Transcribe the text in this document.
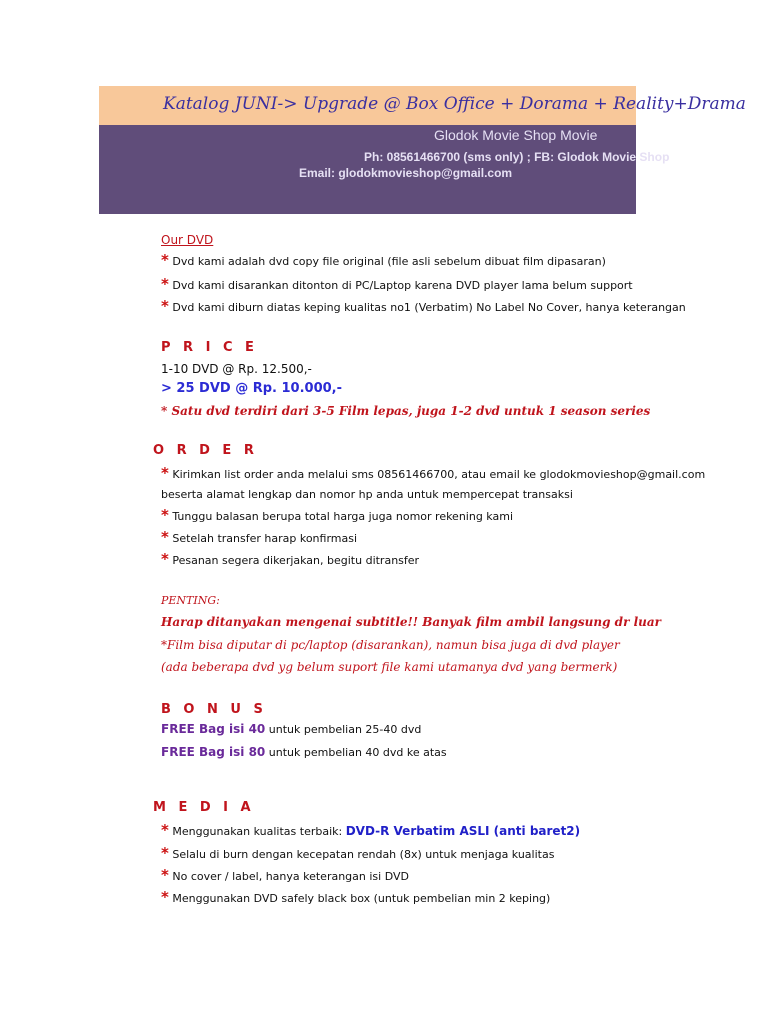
Katalog JUNI-> Upgrade @ Box Office + Dorama + Reality+Drama
Glodok Movie Shop Movie
Ph: 08561466700 (sms only) ; FB: Glodok Movie Shop
Email: glodokmovieshop@gmail.com
Our DVD
* Dvd kami adalah dvd copy file original (file asli sebelum dibuat film dipasaran)
* Dvd kami disarankan ditonton di PC/Laptop karena DVD player lama belum support
* Dvd kami diburn diatas keping kualitas no1 (Verbatim) No Label No Cover, hanya keterangan
P R I C E
1-10 DVD @ Rp. 12.500,-
> 25 DVD @ Rp. 10.000,-
* Satu dvd terdiri dari 3-5 Film lepas, juga 1-2 dvd untuk 1 season series
O R D E R
* Kirimkan list order anda melalui sms 08561466700, atau email ke glodokmovieshop@gmail.com
beserta alamat lengkap dan nomor hp anda untuk mempercepat transaksi
* Tunggu balasan berupa total harga juga nomor rekening kami
* Setelah transfer harap konfirmasi
* Pesanan segera dikerjakan, begitu ditransfer
PENTING:
Harap ditanyakan mengenai subtitle!! Banyak film ambil langsung dr luar
*Film bisa diputar di pc/laptop (disarankan), namun bisa juga di dvd player
(ada beberapa dvd yg belum suport file kami utamanya dvd yang bermerk)
B O N U S
FREE Bag isi 40 untuk pembelian 25-40 dvd
FREE Bag isi 80 untuk pembelian 40 dvd ke atas
M E D I A
* Menggunakan kualitas terbaik: DVD-R Verbatim ASLI (anti baret2)
* Selalu di burn dengan kecepatan rendah (8x) untuk menjaga kualitas
* No cover / label, hanya keterangan isi DVD
* Menggunakan DVD safely black box (untuk pembelian min 2 keping)
